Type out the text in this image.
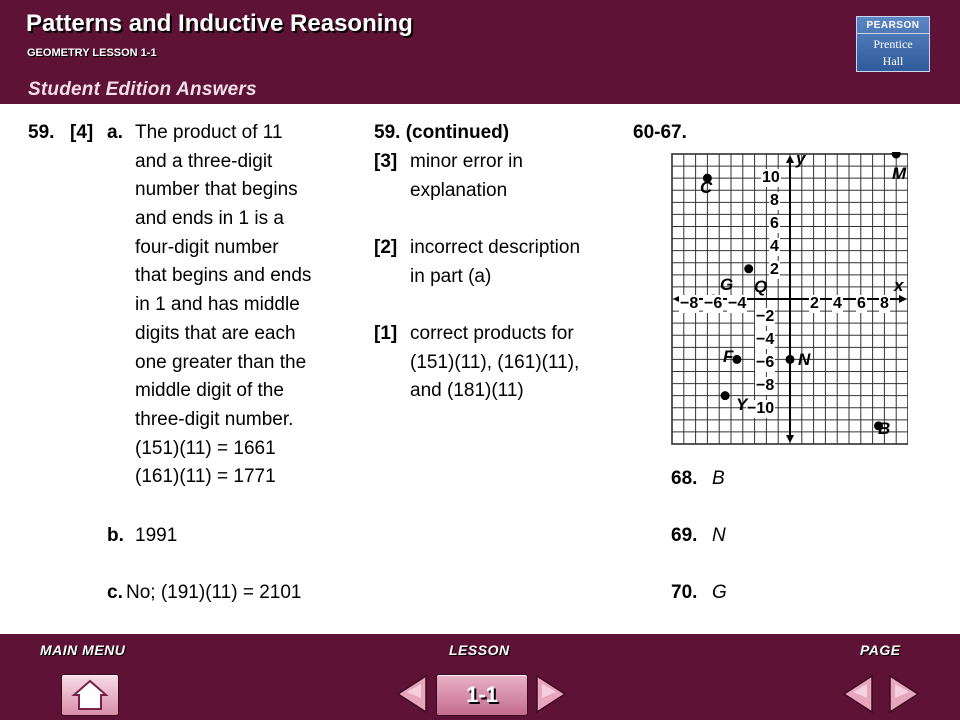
Patterns and Inductive Reasoning
GEOMETRY LESSON 1-1
Student Edition Answers
PEARSON
Prentice
Hall
59. [4] a. The product of 11
and a three-digit
number that begins
and ends in 1 is a
four-digit number
that begins and ends
in 1 and has middle
digits that are each
one greater than the
middle digit of the
three-digit number.
(151)(11) = 1661
(161)(11) = 1771
b. 1991
c. No; (191)(11) = 2101
59. (continued)
[3] minor error in
explanation
[2] incorrect description
in part (a)
[1] correct products for
(151)(11), (161)(11),
and (181)(11)
60-67.
y
x
10
8
6
4
2
−2
−4
−6
−8
−10
−8 −6 −4	2 4 6 8
C
M
G Q
F	N
Y
B
68. B
69. N
70. G
MAIN MENU	LESSON	PAGE
1-1
